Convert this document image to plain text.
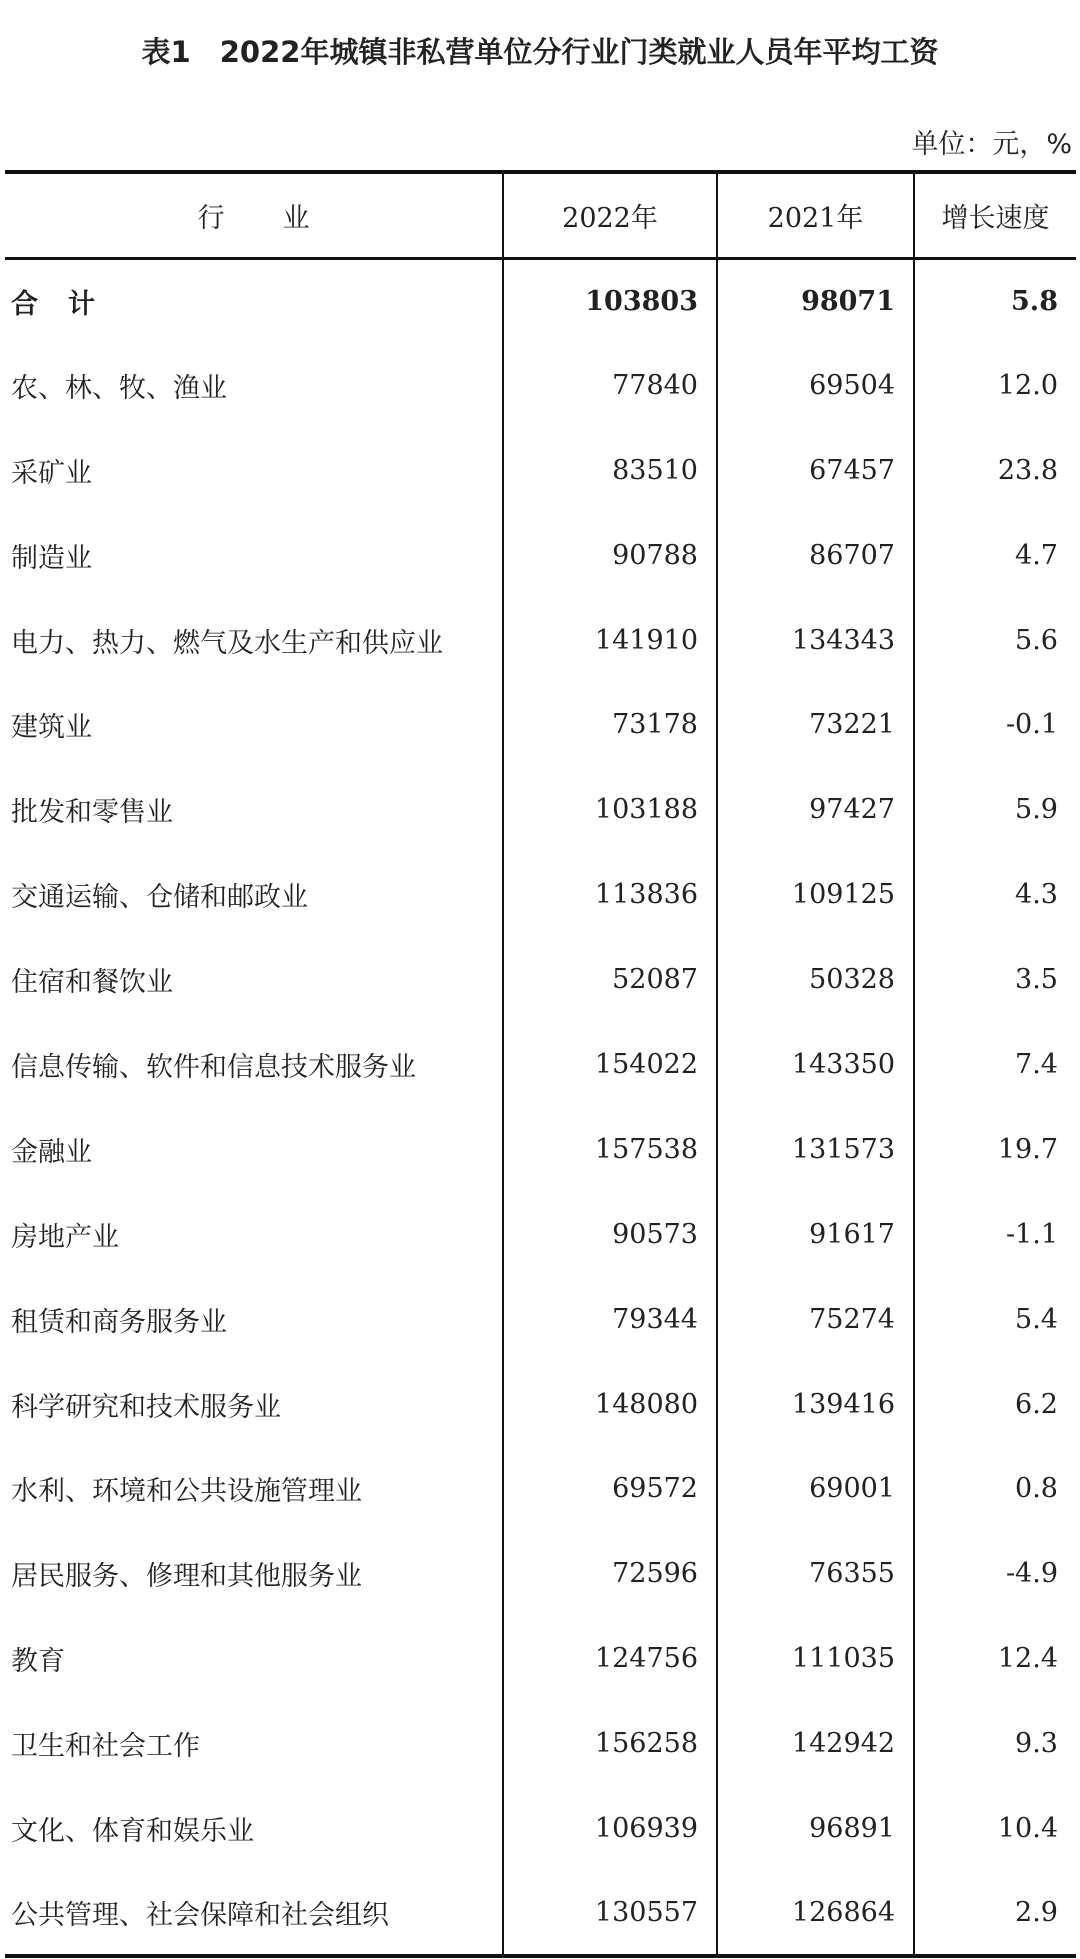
表1　2022年城镇非私营单位分行业门类就业人员年平均工资
单位：元，%
行 业	2022年	2021年	增长速度
合 计	103803	98071	5.8
农、林、牧、渔业	77840	69504	12.0
采矿业	83510	67457	23.8
制造业	90788	86707	4.7
电力、热力、燃气及水生产和供应业	141910	134343	5.6
建筑业	73178	73221	-0.1
批发和零售业	103188	97427	5.9
交通运输、仓储和邮政业	113836	109125	4.3
住宿和餐饮业	52087	50328	3.5
信息传输、软件和信息技术服务业	154022	143350	7.4
金融业	157538	131573	19.7
房地产业	90573	91617	-1.1
租赁和商务服务业	79344	75274	5.4
科学研究和技术服务业	148080	139416	6.2
水利、环境和公共设施管理业	69572	69001	0.8
居民服务、修理和其他服务业	72596	76355	-4.9
教育	124756	111035	12.4
卫生和社会工作	156258	142942	9.3
文化、体育和娱乐业	106939	96891	10.4
公共管理、社会保障和社会组织	130557	126864	2.9
